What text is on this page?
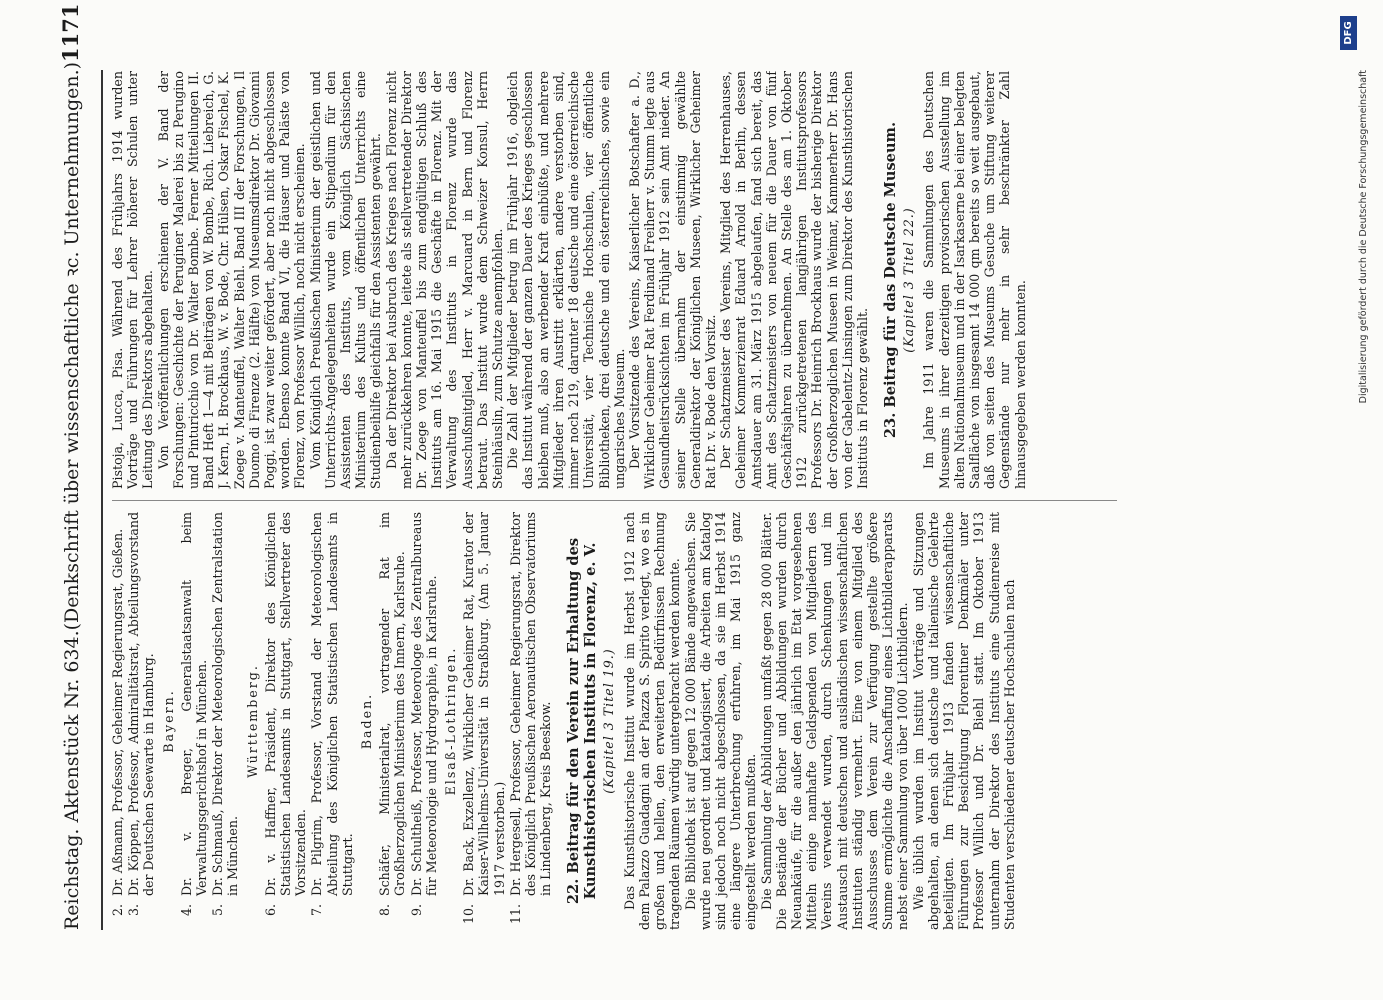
Reichstag. Aktenstück Nr. 634.
(Denkschrift über wissenschaftliche ꝛc. Unternehmungen.)
1171
2.
Dr. Aßmann, Professor, Geheimer Regierungsrat, Gießen.
3.
Dr. Köppen, Professor, Admiralitätsrat, Abteilungsvorstand der Deutschen Seewarte in Hamburg. Bayern.
4.
Dr. v. Breger, Generalstaatsanwalt beim Verwaltungsgerichtshof in München.
5.
Dr. Schmauß, Direktor der Meteorologischen Zentralstation in München.
Württemberg.
6.
Dr. v. Haffner, Präsident, Direktor des Königlichen Statistischen Landesamts in Stuttgart, Stellvertreter des Vorsitzenden.
7.
Dr. Pilgrim, Professor, Vorstand der Meteorologischen Abteilung des Königlichen Statistischen Landesamts in Stuttgart.
Baden.
8.
Schäfer, Ministerialrat, vortragender Rat im Großherzoglichen Ministerium des Innern, Karlsruhe.
9.
Dr. Schultheiß, Professor, Meteorologe des Zentralbureaus für Meteorologie und Hydrographie, in Karlsruhe. Elsaß-Lothringen.
10.
Dr. Back, Exzellenz, Wirklicher Geheimer Rat, Kurator der Kaiser-Wilhelms-Universität in Straßburg. (Am 5. Januar 1917 verstorben.)
11.
Dr. Hergesell, Professor, Geheimer Regierungsrat, Direktor des Königlich Preußischen Aeronautischen Observatoriums in Lindenberg, Kreis Beeskow. 22. Beitrag für den Verein zur Erhaltung des Kunsthistorischen Instituts in Florenz, e. V. (Kapitel 3 Titel 19.) Das Kunsthistorische Institut wurde im Herbst 1912 nach dem Palazzo Guadagni an der Piazza S. Spirito verlegt, wo es in großen und hellen, den erweiterten Bedürfnissen Rechnung tragenden Räumen würdig untergebracht werden konnte. Die Bibliothek ist auf gegen 12 000 Bände angewachsen. Sie wurde neu geordnet und katalogisiert, die Arbeiten am Katalog sind jedoch noch nicht abgeschlossen, da sie im Herbst 1914 eine längere Unterbrechung erfuhren, im Mai 1915 ganz eingestellt werden mußten. Die Sammlung der Abbildungen umfaßt gegen 28 000 Blätter. Die Bestände der Bücher und Abbildungen wurden durch Neuankäufe, für die außer den jährlich im Etat vorgesehenen Mitteln einige namhafte Geldspenden von Mitgliedern des Vereins verwendet wurden, durch Schenkungen und im Austausch mit deutschen und ausländischen wissenschaftlichen Instituten ständig vermehrt. Eine von einem Mitglied des Ausschusses dem Verein zur Verfügung gestellte größere Summe ermöglichte die Anschaffung eines Lichtbilderapparats nebst einer Sammlung von über 1000 Lichtbildern. Wie üblich wurden im Institut Vorträge und Sitzungen abgehalten, an denen sich deutsche und italienische Gelehrte beteiligten. Im Frühjahr 1913 fanden wissenschaftliche Führungen zur Besichtigung Florentiner Denkmäler unter Professor Willich und Dr. Biehl statt. Im Oktober 1913 unternahm der Direktor des Instituts eine Studienreise mit Studenten verschiedener deutscher Hochschulen nach

Pistoja, Lucca, Pisa. Während des Frühjahrs 1914 wurden Vorträge und Führungen für Lehrer höherer Schulen unter Leitung des Direktors abgehalten. Von Veröffentlichungen erschienen der V. Band der Forschungen: Geschichte der Peruginer Malerei bis zu Perugino und Pinturicchio von Dr. Walter Bombe. Ferner Mitteilungen II. Band Heft 1—4 mit Beiträgen von W. Bombe, Rich. Liebreich, G. J. Kern, H. Brockhaus, W. v. Bode, Chr. Hülsen, Oskar Fischel, K. Zoege v. Manteuffel, Walter Biehl. Band III der Forschungen, Il Duomo di Firenze (2. Hälfte) von Museumsdirektor Dr. Giovanni Poggi, ist zwar weiter gefördert, aber noch nicht abgeschlossen worden. Ebenso konnte Band VI, die Häuser und Paläste von Florenz, von Professor Willich, noch nicht erscheinen. Vom Königlich Preußischen Ministerium der geistlichen und Unterrichts-Angelegenheiten wurde ein Stipendium für den Assistenten des Instituts, vom Königlich Sächsischen Ministerium des Kultus und öffentlichen Unterrichts eine Studienbeihilfe gleichfalls für den Assistenten gewährt. Da der Direktor bei Ausbruch des Krieges nach Florenz nicht mehr zurückkehren konnte, leitete als stellvertretender Direktor Dr. Zoege von Manteuffel bis zum endgültigen Schluß des Instituts am 16. Mai 1915 die Geschäfte in Florenz. Mit der Verwaltung des Instituts in Florenz wurde das Ausschußmitglied, Herr v. Marcuard in Bern und Florenz betraut. Das Institut wurde dem Schweizer Konsul, Herrn Steinhäuslin, zum Schutze anempfohlen. Die Zahl der Mitglieder betrug im Frühjahr 1916, obgleich das Institut während der ganzen Dauer des Krieges geschlossen bleiben muß, also an werbender Kraft einbüßte, und mehrere Mitglieder ihren Austritt erklärten, andere verstorben sind, immer noch 219, darunter 18 deutsche und eine österreichische Universität, vier Technische Hochschulen, vier öffentliche Bibliotheken, drei deutsche und ein österreichisches, sowie ein ungarisches Museum. Der Vorsitzende des Vereins, Kaiserlicher Botschafter a. D., Wirklicher Geheimer Rat Ferdinand Freiherr v. Stumm legte aus Gesundheitsrücksichten im Frühjahr 1912 sein Amt nieder. An seiner Stelle übernahm der einstimmig gewählte Generaldirektor der Königlichen Museen, Wirklicher Geheimer Rat Dr. v. Bode den Vorsitz. Der Schatzmeister des Vereins, Mitglied des Herrenhauses, Geheimer Kommerzienrat Eduard Arnold in Berlin, dessen Amtsdauer am 31. März 1915 abgelaufen, fand sich bereit, das Amt des Schatzmeisters von neuem für die Dauer von fünf Geschäftsjahren zu übernehmen. An Stelle des am 1. Oktober 1912 zurückgetretenen langjährigen Institutsprofessors Professors Dr. Heinrich Brockhaus wurde der bisherige Direktor der Großherzoglichen Museen in Weimar, Kammerherr Dr. Hans von der Gabelentz-Linsingen zum Direktor des Kunsthistorischen Instituts in Florenz gewählt. 23. Beitrag für das Deutsche Museum. (Kapitel 3 Titel 22.) Im Jahre 1911 waren die Sammlungen des Deutschen Museums in ihrer derzeitigen provisorischen Ausstellung im alten Nationalmuseum und in der Isarkaserne bei einer belegten Saalfläche von insgesamt 14 000 qm bereits so weit ausgebaut, daß von seiten des Museums Gesuche um Stiftung weiterer Gegenstände nur mehr in sehr beschränkter Zahl hinausgegeben werden konnten.	Digitalisierung gefördert durch die Deutsche Forschungsgemeinschaft
DFG
